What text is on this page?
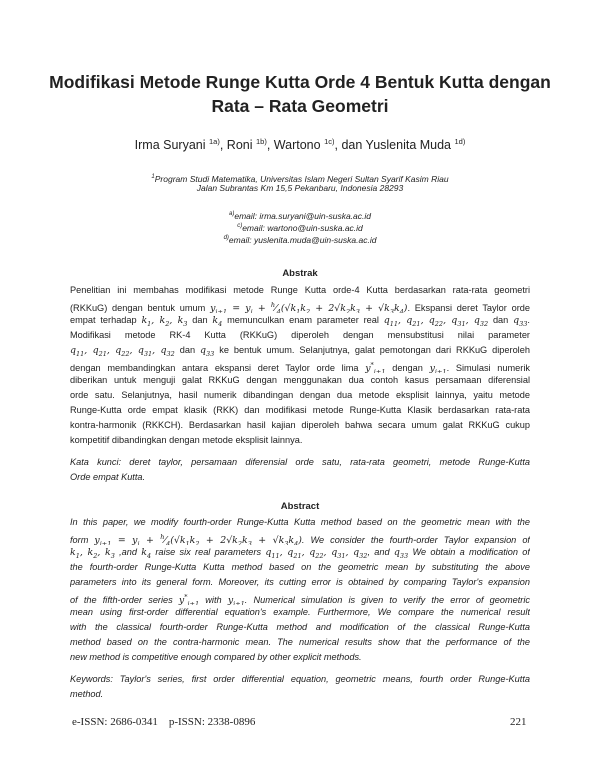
Modifikasi Metode Runge Kutta Orde 4 Bentuk Kutta dengan
Rata – Rata Geometri
Irma Suryani $^{1a)}$, Roni $^{1b)}$, Wartono $^{1c)}$, dan Yuslenita Muda $^{1d)}$
$^1$Program Studi Matematika, Universitas Islam Negeri Sultan Syarif Kasim Riau
Jalan Subrantas Km 15,5 Pekanbaru, Indonesia 28293
$^{a)}$email: irma.suryani@uin-suska.ac.id
$^{c)}$email: wartono@uin-suska.ac.id
$^{d)}$email: yuslenita.muda@uin-suska.ac.id
Abstrak
Penelitian ini membahas modifikasi metode Runge Kutta orde-4 Kutta berdasarkan rata-rata geometri
(RKKuG) dengan bentuk umum $y_{i+1} = y_i$ + $^h⁄_4(√k_1k_2 + 2√k_2k_3 + √k_3k_4)$. Ekspansi deret Taylor orde
empat terhadap $k_1$, $k_2$, $k_3$ dan $k_4$ memunculkan enam parameter real $q_{11}$, $q_{21}$, $q_{22}$, $q_{31}$, $q_{32}$ dan $q_{33}$.
Modifikasi metode RK-4 Kutta (RKKuG) diperoleh dengan mensubstitusi nilai parameter
$q_{11}$, $q_{21}$, $q_{22}$, $q_{31}$, $q_{32}$ dan $q_{33}$ ke bentuk umum. Selanjutnya, galat pemotongan dari RKKuG diperoleh
dengan membandingkan antara ekspansi deret Taylor orde lima $y^*_{i+1}$ dengan $y_{i+1}$. Simulasi numerik
diberikan untuk menguji galat RKKuG dengan menggunakan dua contoh kasus persamaan diferensial
orde satu. Selanjutnya, hasil numerik dibandingan dengan dua metode eksplisit lainnya, yaitu metode
Runge-Kutta orde empat klasik (RKK) dan modifikasi metode Runge-Kutta Klasik berdasarkan rata-rata
kontra-harmonik (RKKCH). Berdasarkan hasil kajian diperoleh bahwa secara umum galat RKKuG cukup
kompetitif dibandingkan dengan metode eksplisit lainnya.
Kata kunci: deret taylor, persamaan diferensial orde satu, rata-rata geometri, metode Runge-Kutta
Orde empat Kutta.
Abstract
In this paper, we modify fourth-order Runge-Kutta Kutta method based on the geometric mean with the
form $y_{i+1} = y_i$ + $^h⁄_4(√k_1k_2 + 2√k_2k_3 + √k_3k_4)$. We consider the fourth-order Taylor expansion of
$k_1$, $k_2$, $k_3$ ,and $k_4$ raise six real parameters $q_{11}$, $q_{21}$, $q_{22}$, $q_{31}$, $q_{32}$, and $q_{33}$ We obtain a modification of
the fourth-order Runge-Kutta Kutta method based on the geometric mean by substituting the above
parameters into its general form. Moreover, its cutting error is obtained by comparing Taylor's expansion
of the fifth-order series $y^*_{i+1}$ with $y_{i+1}$. Numerical simulation is given to verify the error of geometric
mean using first-order differential equation's example. Furthermore, We compare the numerical result
with the classical fourth-order Runge-Kutta method and modification of the classical Runge-Kutta
method based on the contra-harmonic mean. The numerical results show that the performance of the
new method is competitive enough compared by other explicit methods.
Keywords: Taylor's series, first order differential equation, geometric means, fourth order Runge-Kutta
method.
e-ISSN: 2686-0341    p-ISSN: 2338-0896	221
